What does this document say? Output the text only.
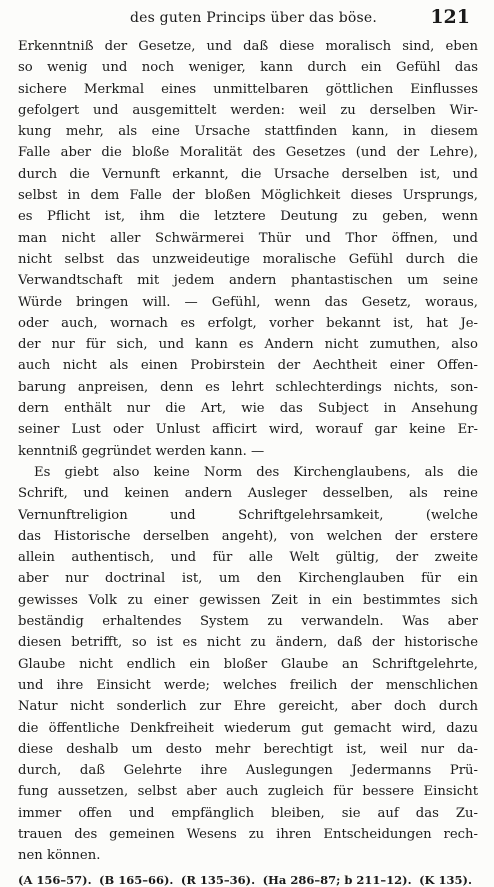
des guten Princips über das böse.	121
Erkenntniß der Gesetze, und daß diese moralisch sind, eben
so wenig und noch weniger, kann durch ein Gefühl das
sichere Merkmal eines unmittelbaren göttlichen Einflusses
gefolgert und ausgemittelt werden: weil zu derselben Wir-
kung mehr, als eine Ursache stattfinden kann, in diesem
Falle aber die bloße Moralität des Gesetzes (und der Lehre),
durch die Vernunft erkannt, die Ursache derselben ist, und
selbst in dem Falle der bloßen Möglichkeit dieses Ursprungs,
es Pflicht ist, ihm die letztere Deutung zu geben, wenn
man nicht aller Schwärmerei Thür und Thor öffnen, und
nicht selbst das unzweideutige moralische Gefühl durch die
Verwandtschaft mit jedem andern phantastischen um seine
Würde bringen will. — Gefühl, wenn das Gesetz, woraus,
oder auch, wornach es erfolgt, vorher bekannt ist, hat Je-
der nur für sich, und kann es Andern nicht zumuthen, also
auch nicht als einen Probirstein der Aechtheit einer Offen-
barung anpreisen, denn es lehrt schlechterdings nichts, son-
dern enthält nur die Art, wie das Subject in Ansehung
seiner Lust oder Unlust afficirt wird, worauf gar keine Er-
kenntniß gegründet werden kann. —
Es giebt also keine Norm des Kirchenglaubens, als die
Schrift, und keinen andern Ausleger desselben, als reine
Vernunftreligion und Schriftgelehrsamkeit, (welche
das Historische derselben angeht), von welchen der erstere
allein authentisch, und für alle Welt gültig, der zweite
aber nur doctrinal ist, um den Kirchenglauben für ein
gewisses Volk zu einer gewissen Zeit in ein bestimmtes sich
beständig erhaltendes System zu verwandeln. Was aber
diesen betrifft, so ist es nicht zu ändern, daß der historische
Glaube nicht endlich ein bloßer Glaube an Schriftgelehrte,
und ihre Einsicht werde; welches freilich der menschlichen
Natur nicht sonderlich zur Ehre gereicht, aber doch durch
die öffentliche Denkfreiheit wiederum gut gemacht wird, dazu
diese deshalb um desto mehr berechtigt ist, weil nur da-
durch, daß Gelehrte ihre Auslegungen Jedermanns Prü-
fung aussetzen, selbst aber auch zugleich für bessere Einsicht
immer offen und empfänglich bleiben, sie auf das Zu-
trauen des gemeinen Wesens zu ihren Entscheidungen rech-
nen können.
(A 156–57). (B 165–66). (R 135–36). (Ha 286–87; b 211–12). (K 135).
